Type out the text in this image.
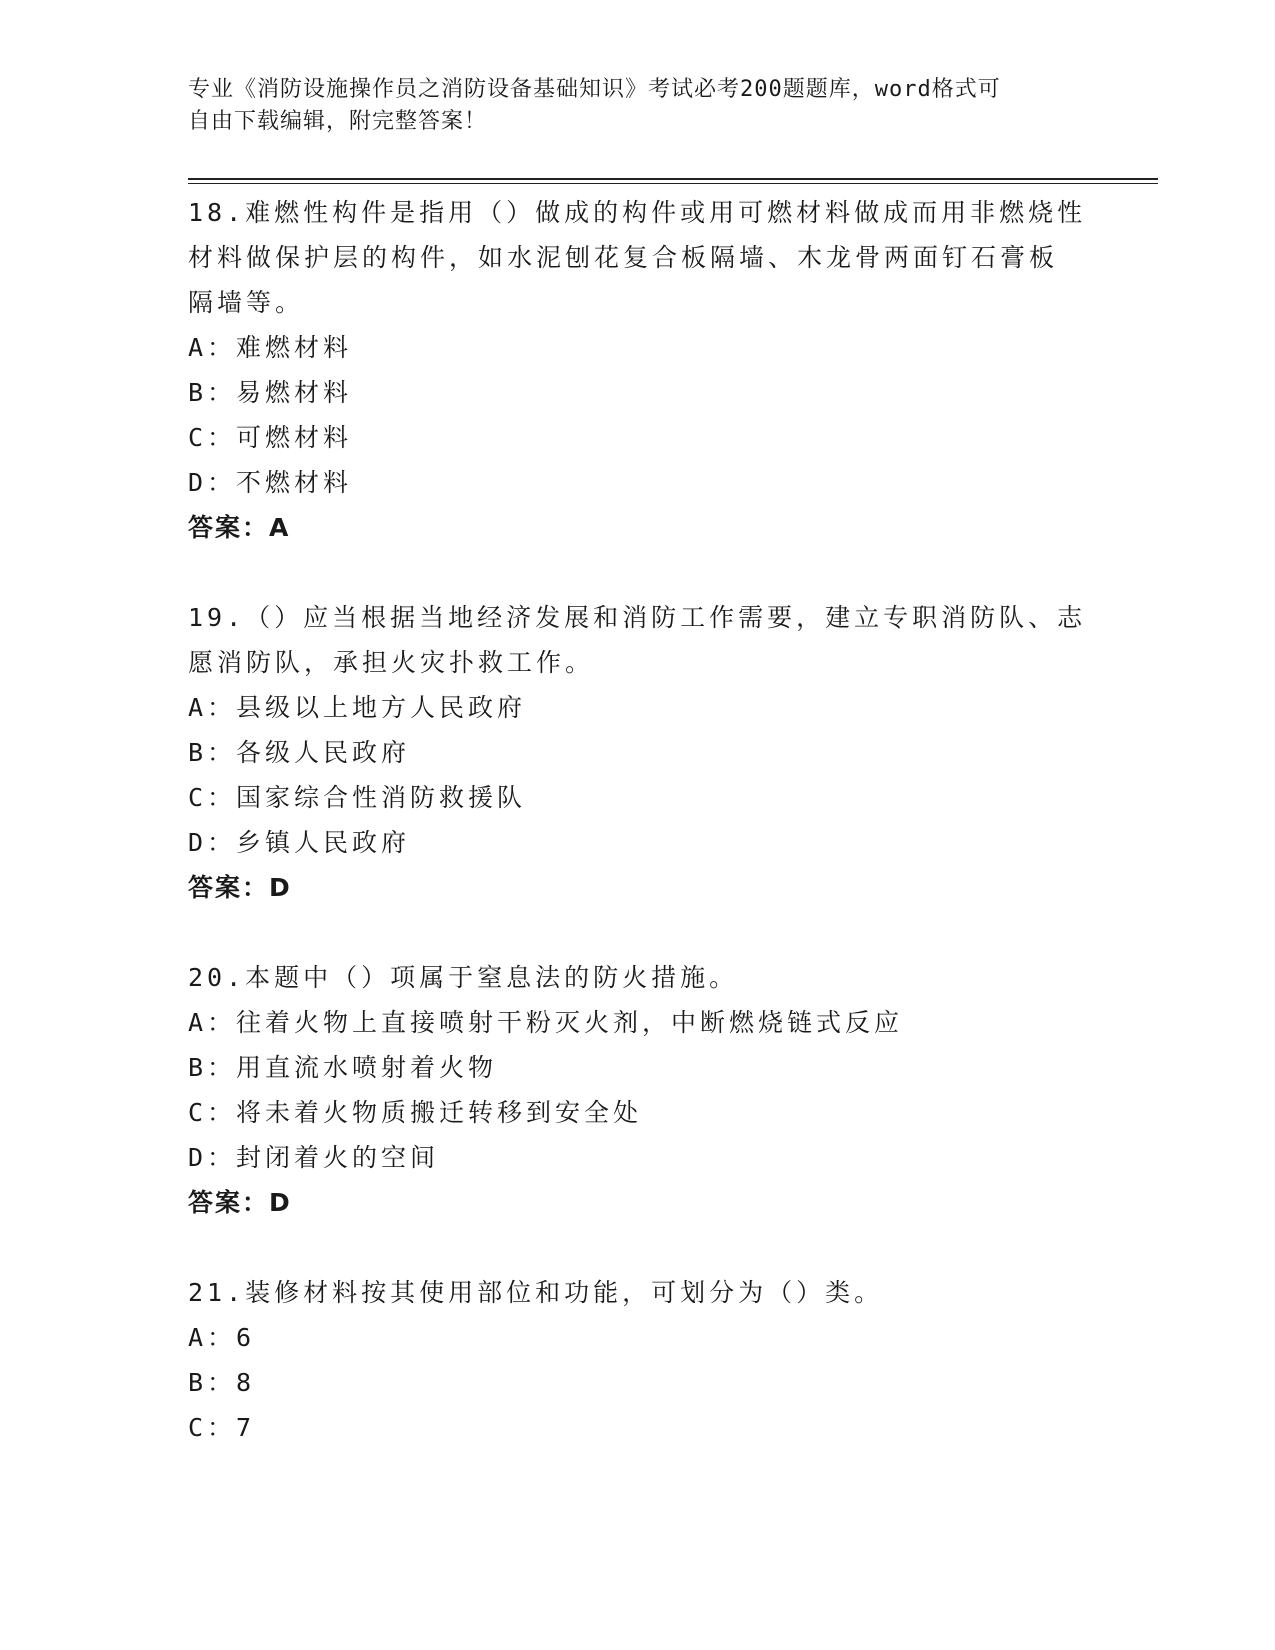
专业《消防设施操作员之消防设备基础知识》考试必考200题题库，word格式可
自由下载编辑，附完整答案！

18.难燃性构件是指用（）做成的构件或用可燃材料做成而用非燃烧性

材料做保护层的构件，如水泥刨花复合板隔墙、木龙骨两面钉石膏板

隔墙等。

A：难燃材料

B：易燃材料

C：可燃材料

D：不燃材料

答案：A

19.（）应当根据当地经济发展和消防工作需要，建立专职消防队、志

愿消防队，承担火灾扑救工作。

A：县级以上地方人民政府

B：各级人民政府

C：国家综合性消防救援队

D：乡镇人民政府

答案：D

20.本题中（）项属于窒息法的防火措施。

A：往着火物上直接喷射干粉灭火剂，中断燃烧链式反应

B：用直流水喷射着火物

C：将未着火物质搬迁转移到安全处

D：封闭着火的空间

答案：D

21.装修材料按其使用部位和功能，可划分为（）类。

A：6

B：8

C：7
